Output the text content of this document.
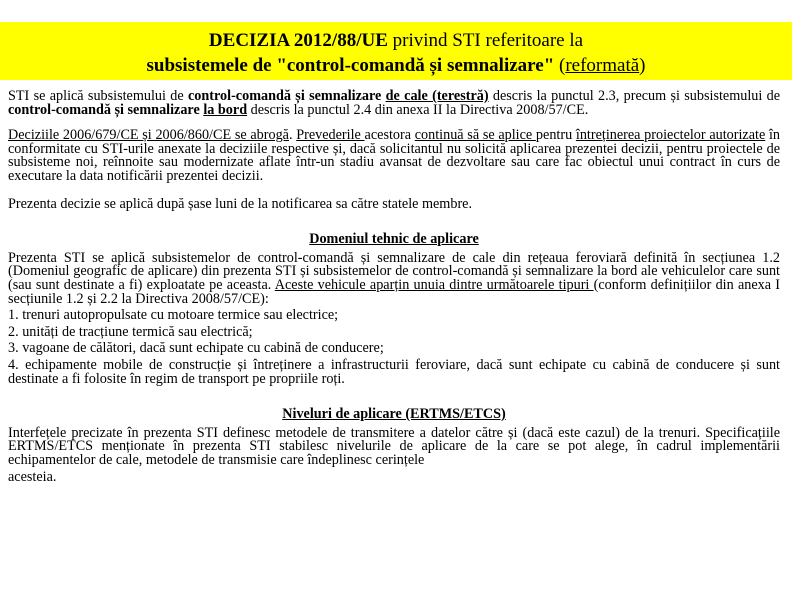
DECIZIA 2012/88/UE privind STI referitoare la
subsistemele de "control-comandă și semnalizare" (reformată)

STI se aplică subsistemului de control-comandă și semnalizare de cale (terestră) descris la punctul 2.3, precum și subsistemului de control-comandă și semnalizare la bord descris la punctul 2.4 din anexa II la Directiva 2008/57/CE.

Deciziile 2006/679/CE și 2006/860/CE se abrogă. Prevederile acestora continuă să se aplice pentru întreținerea proiectelor autorizate în conformitate cu STI-urile anexate la deciziile respective și, dacă solicitantul nu solicită aplicarea prezentei decizii, pentru proiectele de subsisteme noi, reînnoite sau modernizate aflate într-un stadiu avansat de dezvoltare sau care fac obiectul unui contract în curs de executare la data notificării prezentei decizii.

Prezenta decizie se aplică după șase luni de la notificarea sa către statele membre.

Domeniul tehnic de aplicare

Prezenta STI se aplică subsistemelor de control-comandă și semnalizare de cale din rețeaua feroviară definită în secțiunea 1.2 (Domeniul geografic de aplicare) din prezenta STI și subsistemelor de control-comandă și semnalizare la bord ale vehiculelor care sunt (sau sunt destinate a fi) exploatate pe aceasta. Aceste vehicule aparțin unuia dintre următoarele tipuri (conform definițiilor din anexa I secțiunile 1.2 și 2.2 la Directiva 2008/57/CE):

1. trenuri autopropulsate cu motoare termice sau electrice;

2. unități de tracțiune termică sau electrică;

3. vagoane de călători, dacă sunt echipate cu cabină de conducere;

4. echipamente mobile de construcție și întreținere a infrastructurii feroviare, dacă sunt echipate cu cabină de conducere și sunt destinate a fi folosite în regim de transport pe propriile roți.

Niveluri de aplicare (ERTMS/ETCS)

Interfețele precizate în prezenta STI definesc metodele de transmitere a datelor către și (dacă este cazul) de la trenuri. Specificațiile ERTMS/ETCS menționate în prezenta STI stabilesc nivelurile de aplicare de la care se pot alege, în cadrul implementării echipamentelor de cale, metodele de transmisie care îndeplinesc cerințele

acesteia.
